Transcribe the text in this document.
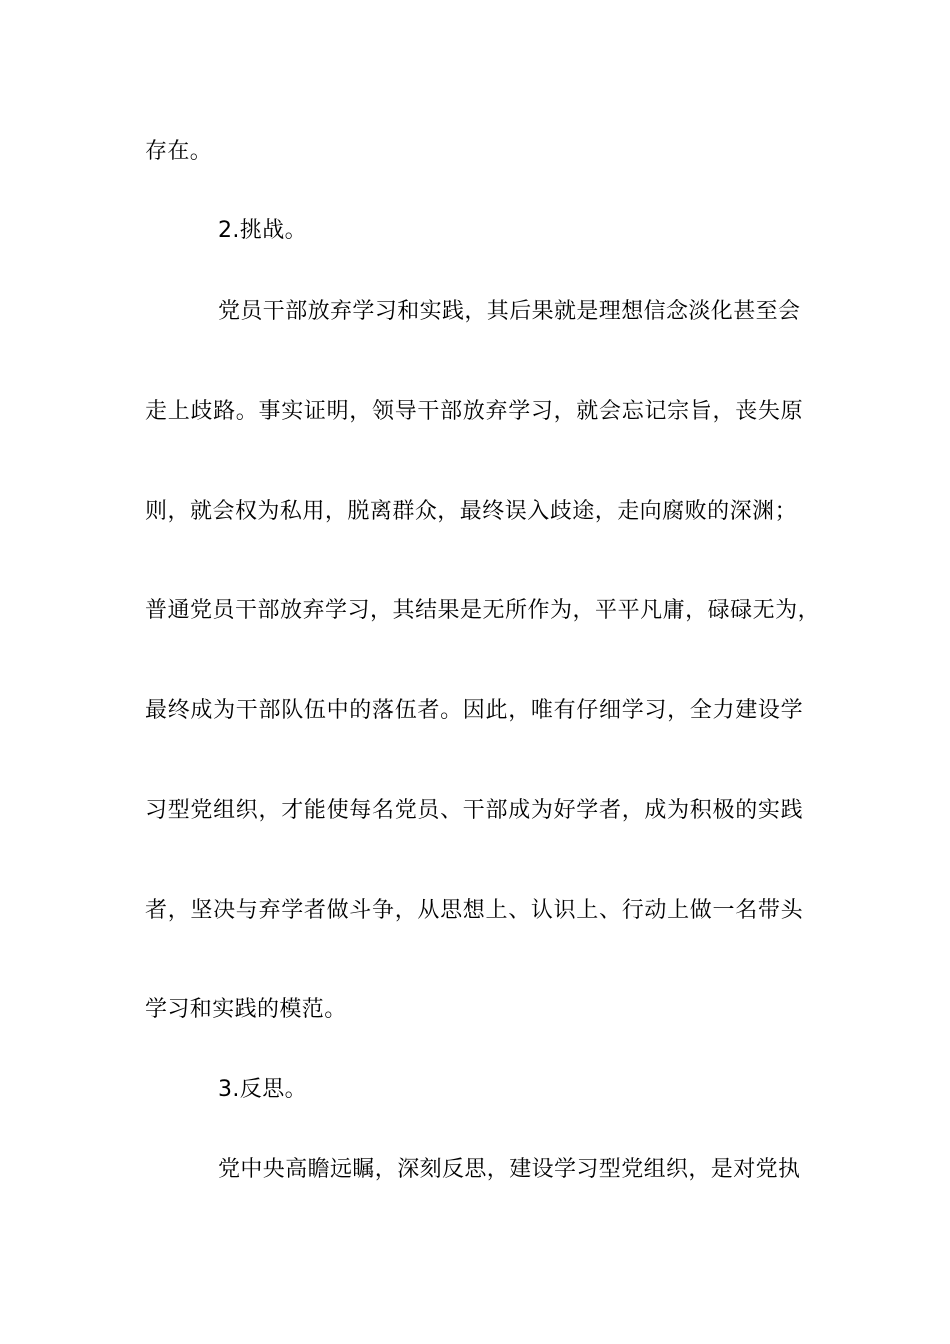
存在。
2.挑战。
党员干部放弃学习和实践，其后果就是理想信念淡化甚至会
走上歧路。事实证明，领导干部放弃学习，就会忘记宗旨，丧失原
则，就会权为私用，脱离群众，最终误入歧途，走向腐败的深渊；
普通党员干部放弃学习，其结果是无所作为，平平凡庸，碌碌无为，
最终成为干部队伍中的落伍者。因此，唯有仔细学习，全力建设学
习型党组织，才能使每名党员、干部成为好学者，成为积极的实践
者，坚决与弃学者做斗争，从思想上、认识上、行动上做一名带头
学习和实践的模范。
3.反思。
党中央高瞻远瞩，深刻反思，建设学习型党组织，是对党执
